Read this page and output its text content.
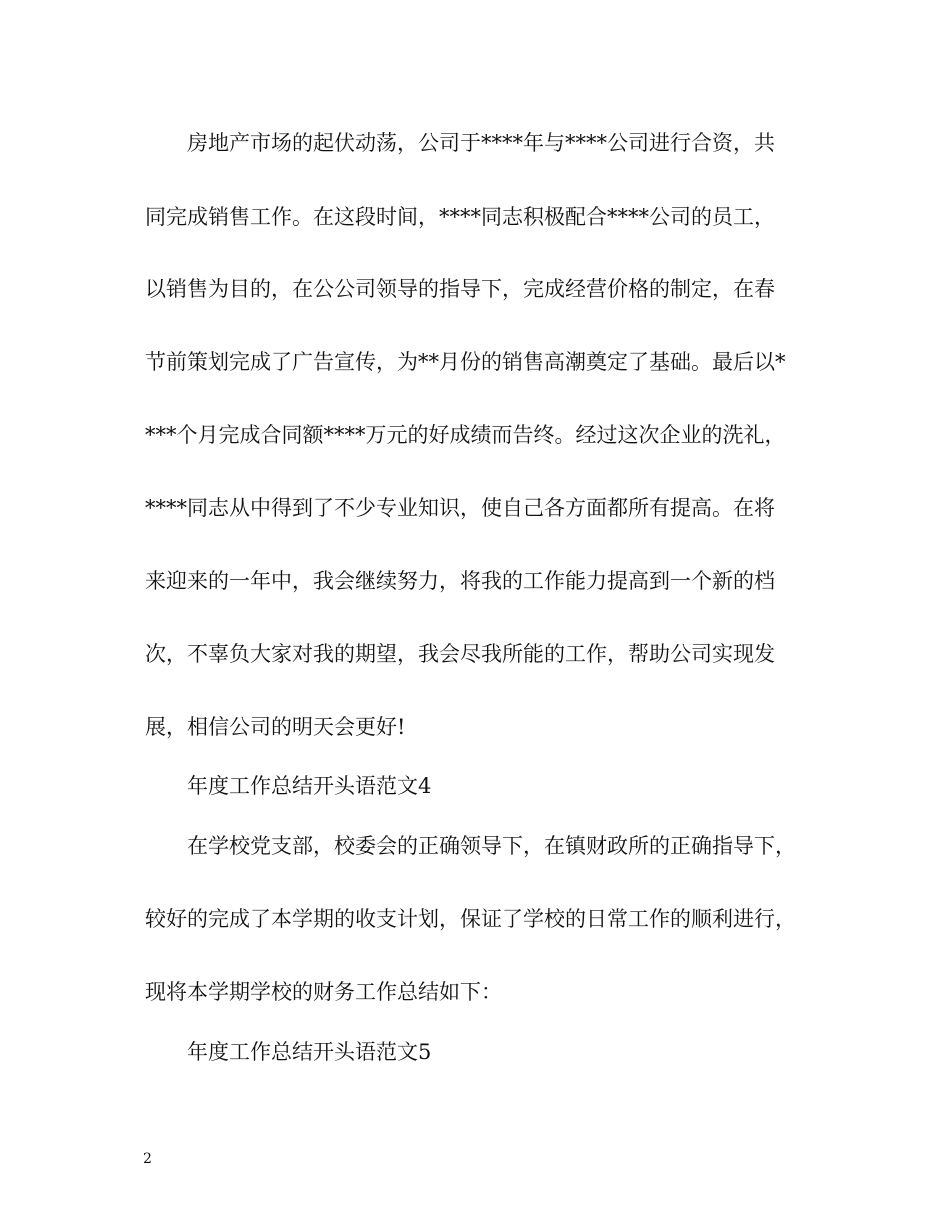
房地产市场的起伏动荡，公司于****年与****公司进行合资，共
同完成销售工作。在这段时间，****同志积极配合****公司的员工，
以销售为目的，在公公司领导的指导下，完成经营价格的制定，在春
节前策划完成了广告宣传，为**月份的销售高潮奠定了基础。最后以*
***个月完成合同额****万元的好成绩而告终。经过这次企业的洗礼，
****同志从中得到了不少专业知识，使自己各方面都所有提高。在将
来迎来的一年中，我会继续努力，将我的工作能力提高到一个新的档
次，不辜负大家对我的期望，我会尽我所能的工作，帮助公司实现发
展，相信公司的明天会更好!
年度工作总结开头语范文4
在学校党支部，校委会的正确领导下，在镇财政所的正确指导下，
较好的完成了本学期的收支计划，保证了学校的日常工作的顺利进行，
现将本学期学校的财务工作总结如下：
年度工作总结开头语范文5
2
